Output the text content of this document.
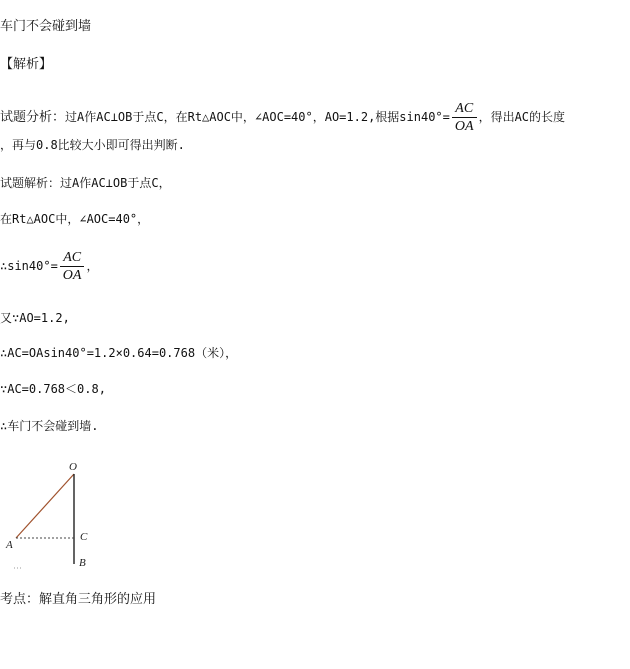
车门不会碰到墙
【解析】
试题分析：过A作AC⊥OB于点C，在Rt△AOC中，∠AOC=40°，AO=1.2,根据$\sin 40^\circ= \frac{AC}{OA}$ ，得出AC的长度
，再与0.8比较大小即可得出判断.
试题解析：过A作AC⊥OB于点C，
在Rt△AOC中，∠AOC=40°，
∴sin40°= $\frac{AC}{OA}$ ，
又∵AO=1.2,
∴AC=OAsin40°=1.2×0.64=0.768（米），
∵AC=0.768＜0.8,
∴车门不会碰到墙.
O
A
C
B
考点：解直角三角形的应用
